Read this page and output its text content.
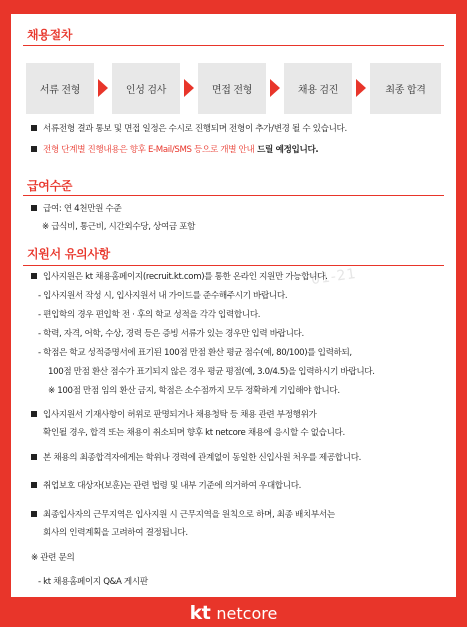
채용절차
서류 전형	인성 검사	면접 전형	채용 검진	최종 합격
서류전형 결과 통보 및 면접 일정은 수시로 진행되며 전형이 추가/변경 될 수 있습니다.
전형 단계별 진행내용은 향후 E-Mail/SMS 등으로 개별 안내 드릴 예정입니다.
급여수준
급여: 연 4천만원 수준
※ 급식비, 통근비, 시간외수당, 상여금 포함
지원서 유의사항
01-21
입사지원은 kt 채용홈페이지(recruit.kt.com)를 통한 온라인 지원만 가능합니다.
- 입사지원서 작성 시, 입사지원서 내 가이드를 준수해주시기 바랍니다.
- 편입학의 경우 편입학 전 · 후의 학교 성적을 각각 입력합니다.
- 학력, 자격, 어학, 수상, 경력 등은 증빙 서류가 있는 경우만 입력 바랍니다.
- 학점은 학교 성적증명서에 표기된 100점 만점 환산 평균 점수(예, 80/100)를 입력하되,
100점 만점 환산 점수가 표기되지 않은 경우 평균 평점(예, 3.0/4.5)을 입력하시기 바랍니다.
※ 100점 만점 임의 환산 금지, 학점은 소수점까지 모두 정확하게 기입해야 합니다.
입사지원서 기재사항이 허위로 판명되거나 채용청탁 등 채용 관련 부정행위가
확인될 경우, 합격 또는 채용이 취소되며 향후 kt netcore 채용에 응시할 수 없습니다.
본 채용의 최종합격자에게는 학위나 경력에 관계없이 동일한 신입사원 처우를 제공합니다.
취업보호 대상자(보훈)는 관련 법령 및 내부 기준에 의거하여 우대합니다.
최종입사자의 근무지역은 입사지원 시 근무지역을 원칙으로 하며, 최종 배치부서는
회사의 인력계획을 고려하여 결정됩니다.
※ 관련 문의
- kt 채용홈페이지 Q&A 게시판
kt netcore
